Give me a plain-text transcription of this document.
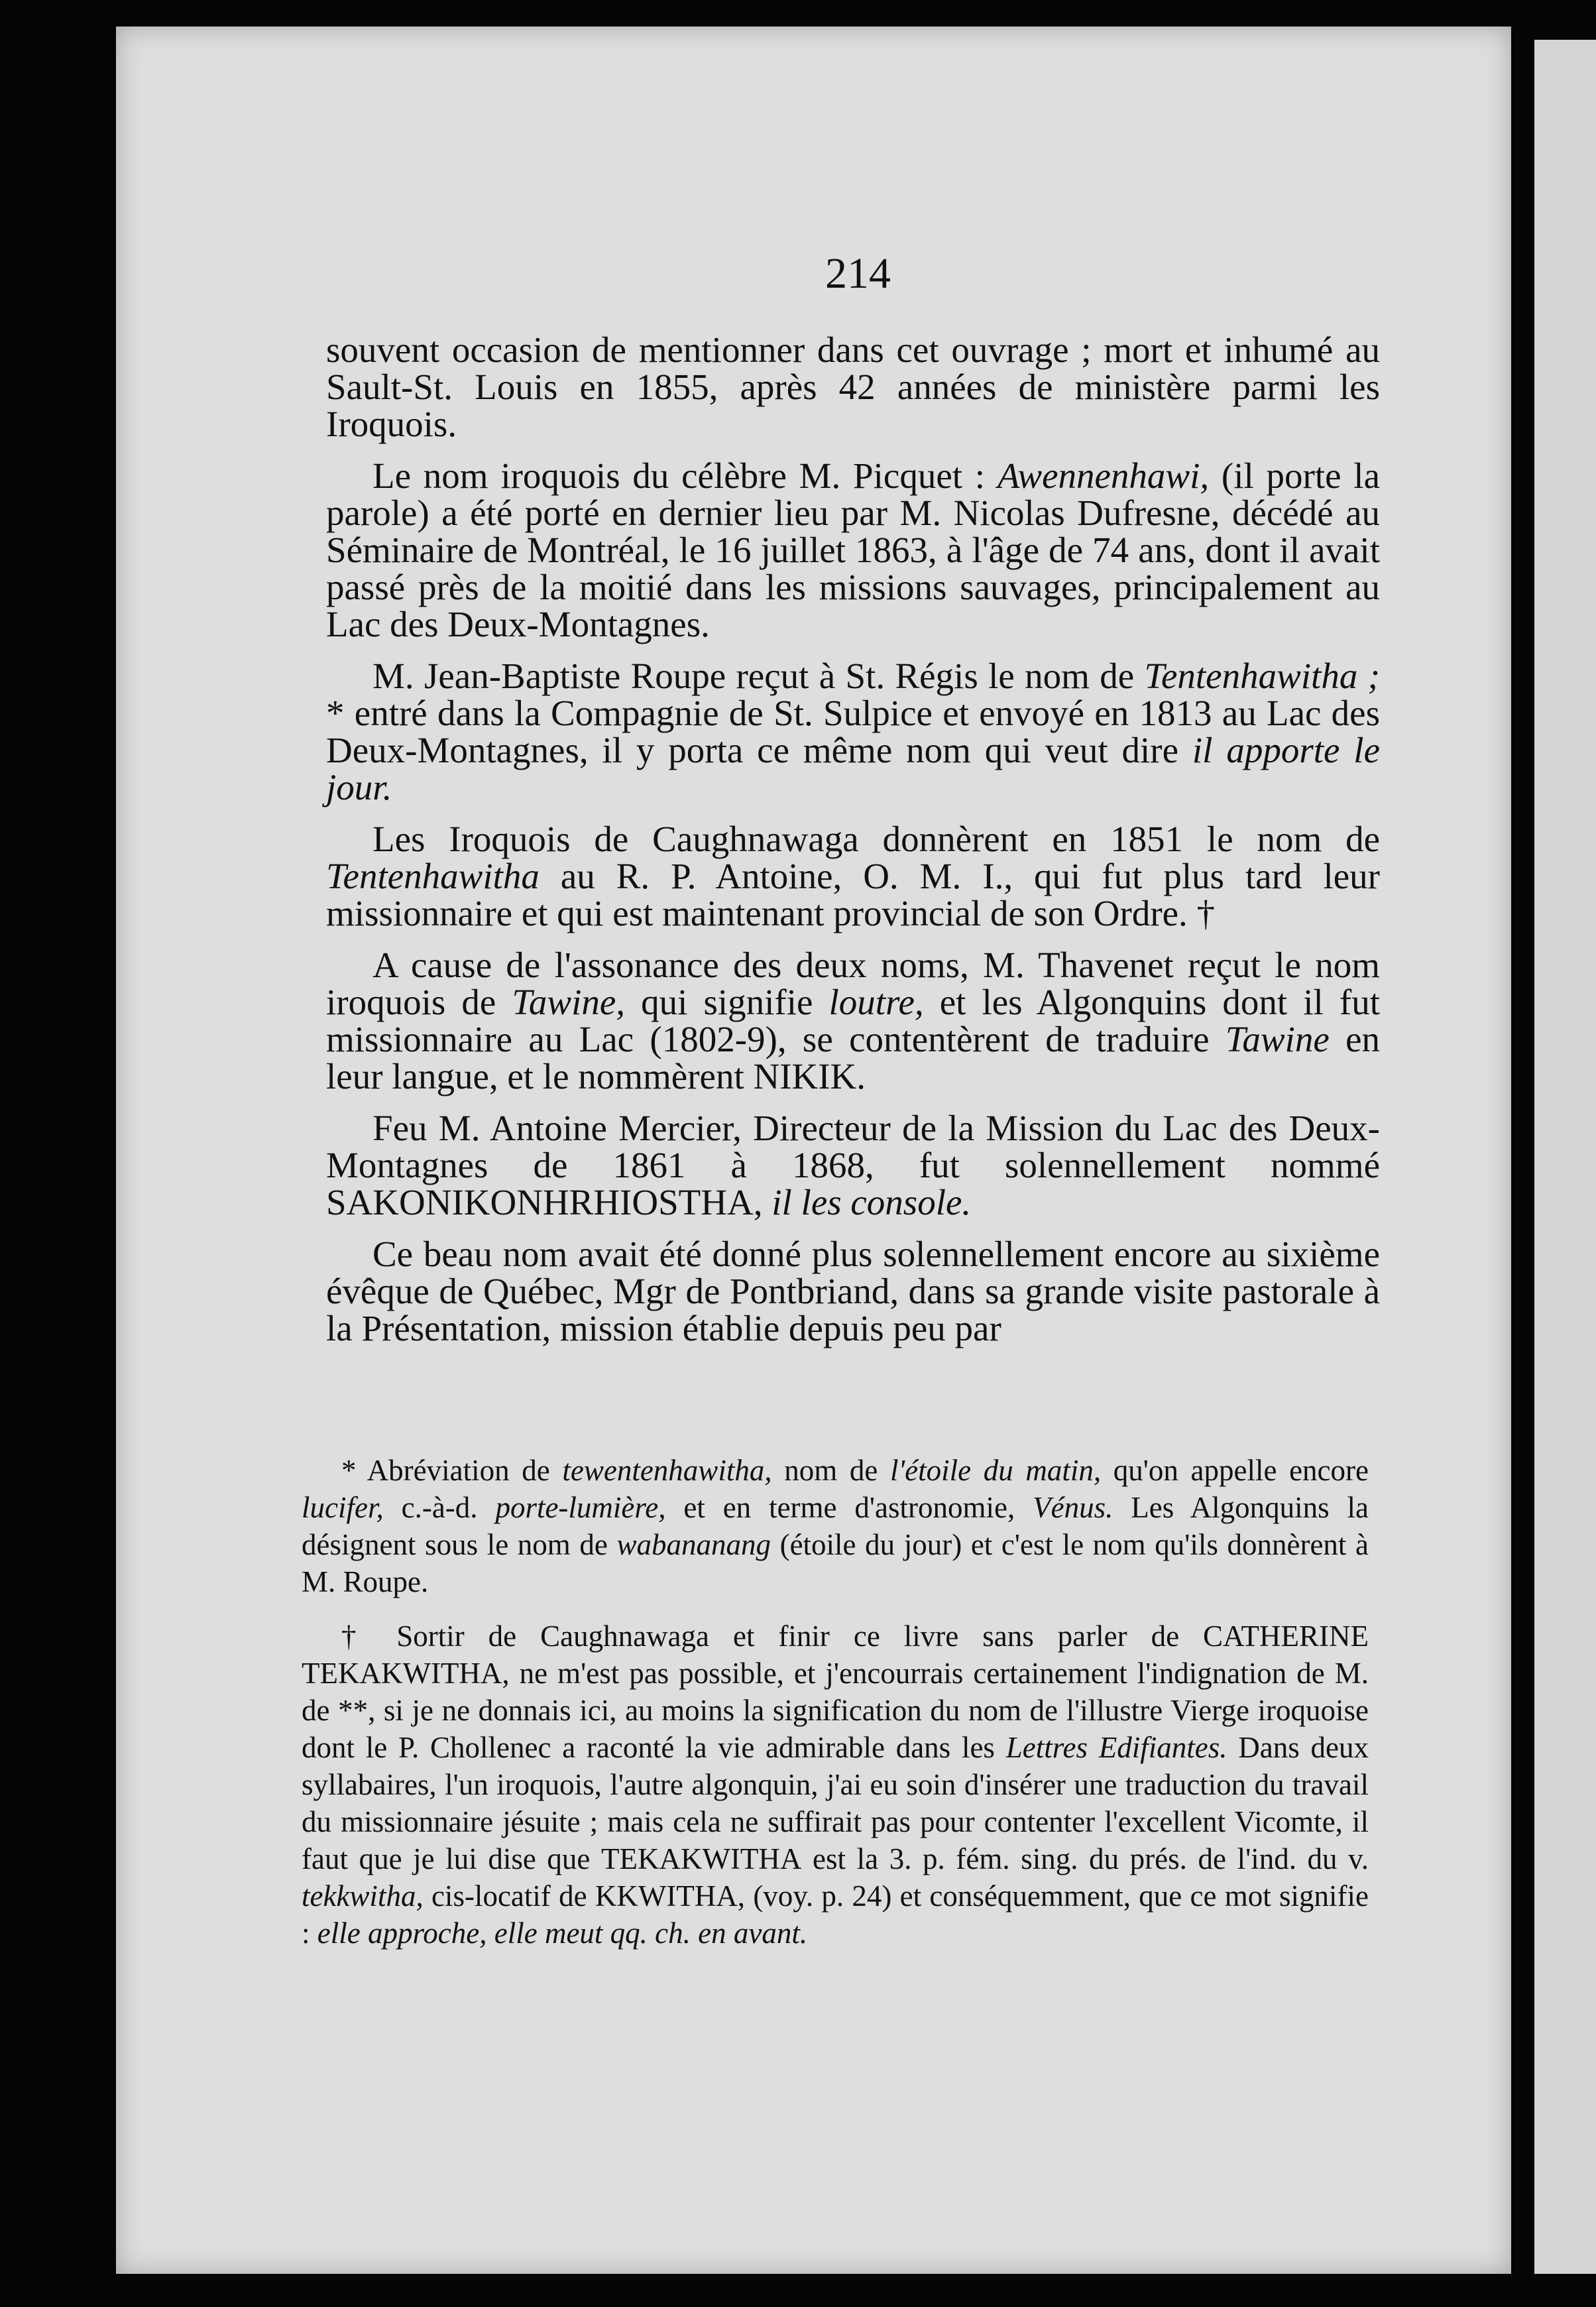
214

souvent occasion de mentionner dans cet ouvrage ; mort et inhumé au Sault-St. Louis en 1855, après 42 années de ministère parmi les Iroquois.

Le nom iroquois du célèbre M. Picquet : Awennenhawi, (il porte la parole) a été porté en dernier lieu par M. Nicolas Dufresne, décédé au Séminaire de Montréal, le 16 juillet 1863, à l'âge de 74 ans, dont il avait passé près de la moitié dans les missions sauvages, principalement au Lac des Deux-Montagnes.

M. Jean-Baptiste Roupe reçut à St. Régis le nom de Tentenhawitha ; * entré dans la Compagnie de St. Sulpice et envoyé en 1813 au Lac des Deux-Montagnes, il y porta ce même nom qui veut dire il apporte le jour.

Les Iroquois de Caughnawaga donnèrent en 1851 le nom de Tentenhawitha au R. P. Antoine, O. M. I., qui fut plus tard leur missionnaire et qui est maintenant provincial de son Ordre. †

A cause de l'assonance des deux noms, M. Thavenet reçut le nom iroquois de Tawine, qui signifie loutre, et les Algonquins dont il fut missionnaire au Lac (1802-9), se contentèrent de traduire Tawine en leur langue, et le nommèrent NIKIK.

Feu M. Antoine Mercier, Directeur de la Mission du Lac des Deux-Montagnes de 1861 à 1868, fut solennellement nommé SAKONIKONHRHIOSTHA, il les console.

Ce beau nom avait été donné plus solennellement encore au sixième évêque de Québec, Mgr de Pontbriand, dans sa grande visite pastorale à la Présentation, mission établie depuis peu par

* Abréviation de tewentenhawitha, nom de l'étoile du matin, qu'on appelle encore lucifer, c.-à-d. porte-lumière, et en terme d'astronomie, Vénus. Les Algonquins la désignent sous le nom de wabananang (étoile du jour) et c'est le nom qu'ils donnèrent à M. Roupe.

† Sortir de Caughnawaga et finir ce livre sans parler de CATHERINE TEKAKWITHA, ne m'est pas possible, et j'encourrais certainement l'indignation de M. de **, si je ne donnais ici, au moins la signification du nom de l'illustre Vierge iroquoise dont le P. Chollenec a raconté la vie admirable dans les Lettres Edifiantes. Dans deux syllabaires, l'un iroquois, l'autre algonquin, j'ai eu soin d'insérer une traduction du travail du missionnaire jésuite ; mais cela ne suffirait pas pour contenter l'excellent Vicomte, il faut que je lui dise que TEKAKWITHA est la 3. p. fém. sing. du prés. de l'ind. du v. tekkwitha, cis-locatif de KKWITHA, (voy. p. 24) et conséquemment, que ce mot signifie : elle approche, elle meut qq. ch. en avant.
